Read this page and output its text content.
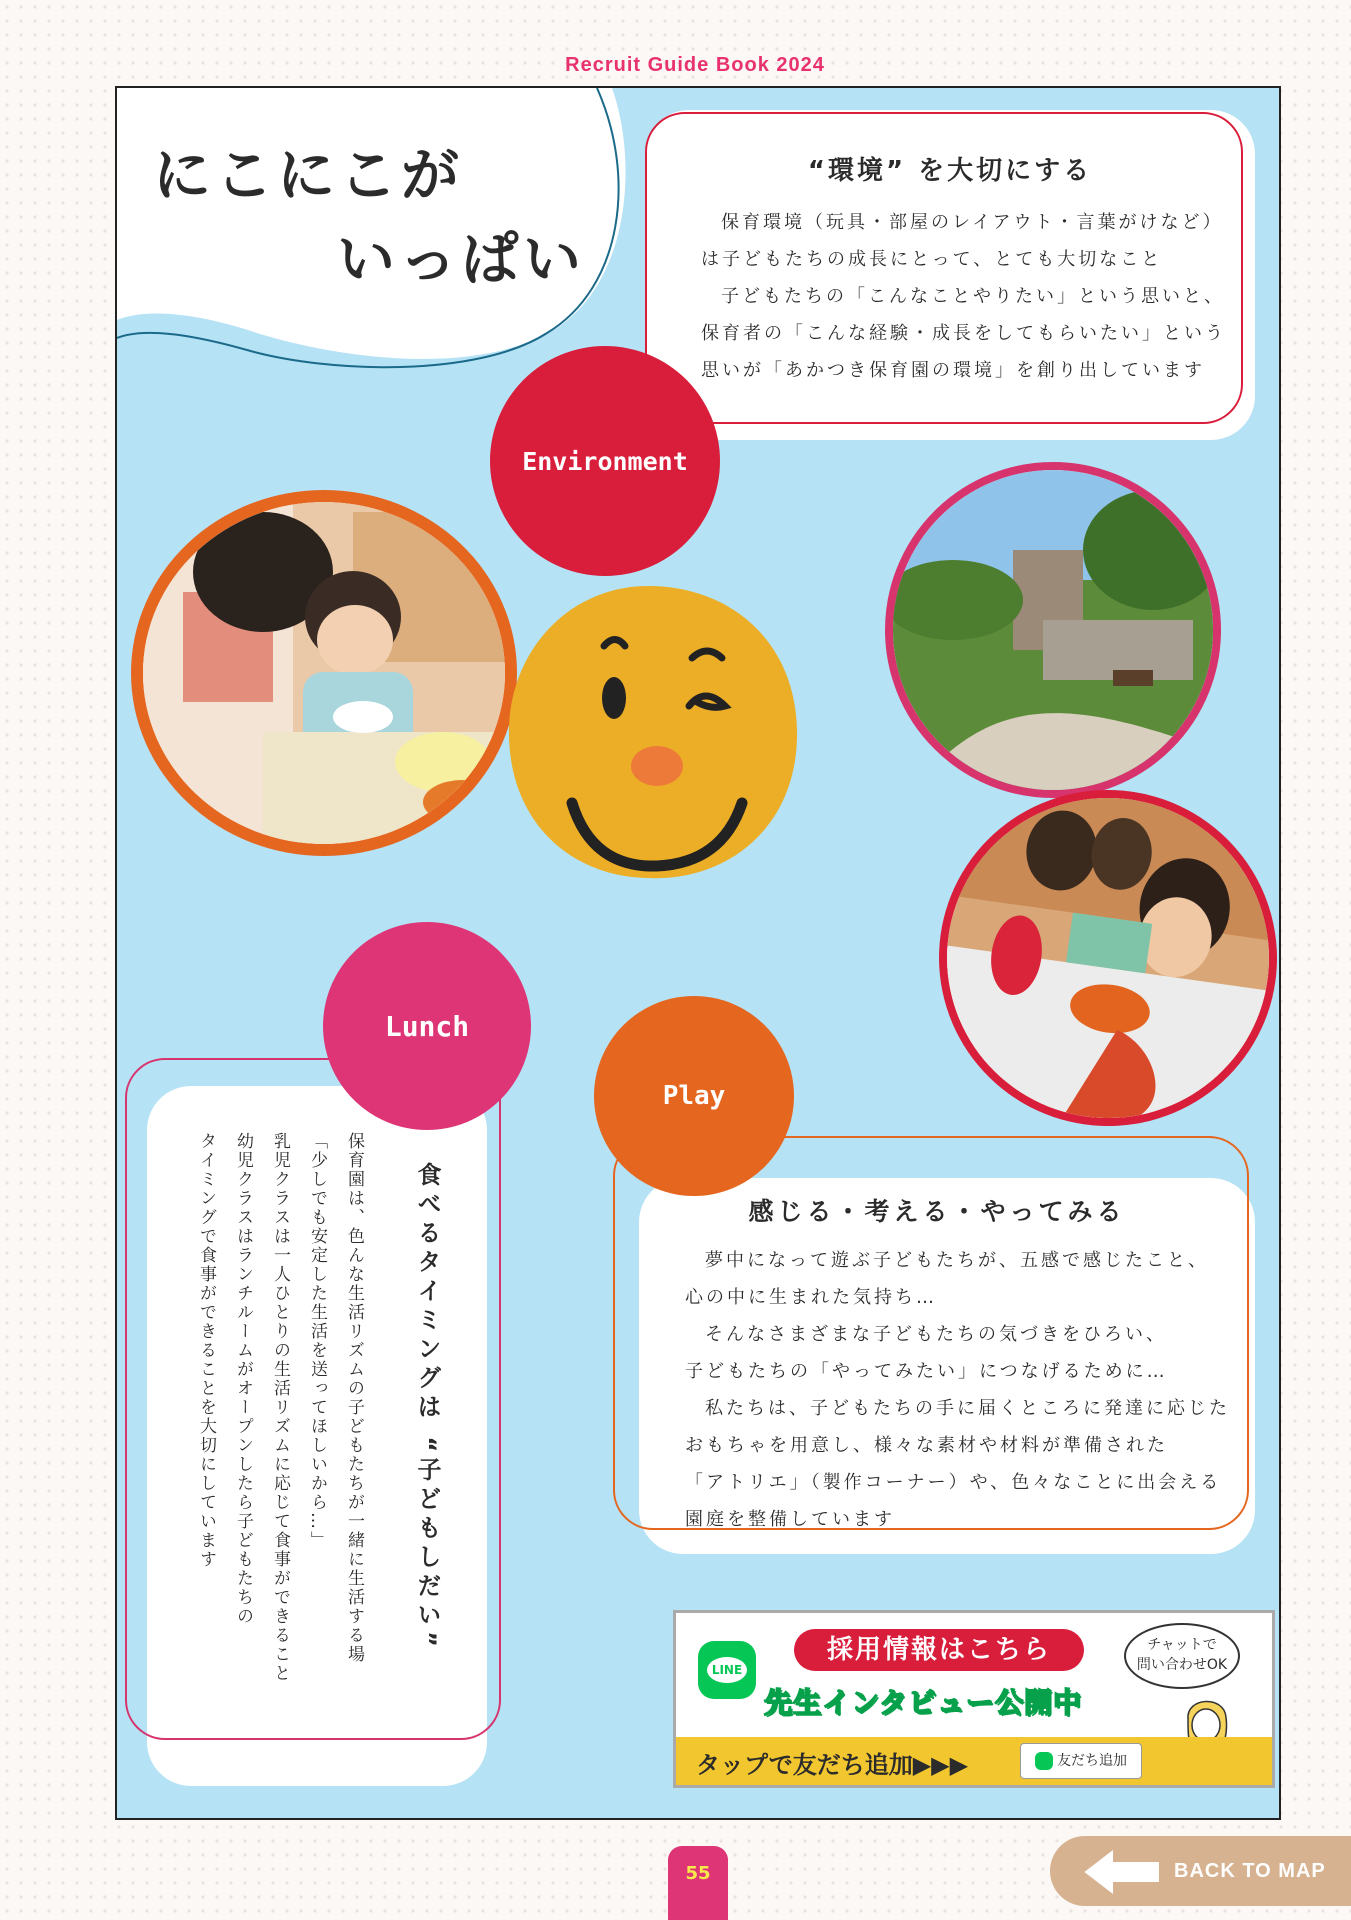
Recruit Guide Book 2024
にこにこが
いっぱい
“環境” を大切にする
保育環境（玩具・部屋のレイアウト・言葉がけなど）
は子どもたちの成長にとって、とても大切なこと
子どもたちの「こんなことやりたい」という思いと、
保育者の「こんな経験・成長をしてもらいたい」という
思いが「あかつき保育園の環境」を創り出しています
Environment
Lunch
食べるタイミングは “子どもしだい”
保育園は、色んな生活リズムの子どもたちが一緒に生活する場
「少しでも安定した生活を送ってほしいから…」
乳児クラスは一人ひとりの生活リズムに応じて食事ができること
幼児クラスはランチルームがオープンしたら子どもたちの
タイミングで食事ができることを大切にしています
Play
感じる・考える・やってみる
夢中になって遊ぶ子どもたちが、五感で感じたこと、
心の中に生まれた気持ち…
そんなさまざまな子どもたちの気づきをひろい、
子どもたちの「やってみたい」につなげるために…
私たちは、子どもたちの手に届くところに発達に応じた
おもちゃを用意し、様々な素材や材料が準備された
「アトリエ」（製作コーナー）や、色々なことに出会える
園庭を整備しています
LINE
採用情報はこちら
先生インタビュー公開中
チャットで
問い合わせOK
タップで友だち追加▶▶▶	友だち追加
55	BACK TO MAP
